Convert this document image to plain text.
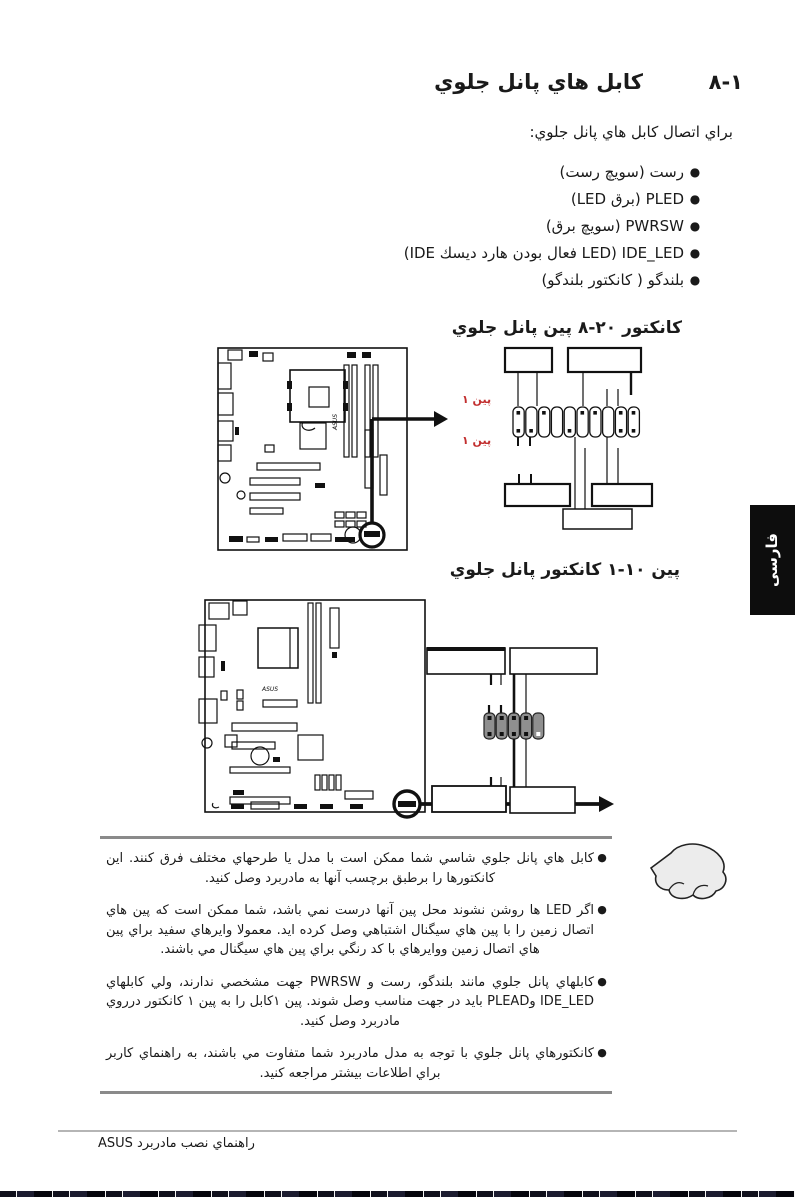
١-٨
كابل هاي پانل جلوي
براي اتصال كابل هاي پانل جلوي:
●
رست (سويچ رست)
●
PLED (برق LED)
●
PWRSW (سويچ برق)
●
IDE_LED (LED فعال بودن هارد ديسك IDE)
●
بلندگو ( كانكتور بلندگو)
كانكتور ٢٠-٨ پين پانل جلوي
ASUS
پين ١
پين ١
پين ١٠-١ كانكتور پانل جلوي
ASUS
●
كابل هاي پانل جلوي شاسي شما ممكن است با مدل يا طرحهاي مختلف فرق كنند. اين كانكتورها را برطبق برچسب آنها به مادربرد وصل كنيد.
●
اگر LED ها روشن نشوند محل پين آنها درست نمي باشد، شما ممكن است كه پين هاي اتصال زمين را با پين هاي سيگنال اشتباهي وصل كرده ايد. معمولا وايرهاي سفيد براي پين هاي اتصال زمين ووايرهاي با كد رنگي براي پين هاي سيگنال مي باشند.
●
كابلهاي پانل جلوي مانند بلندگو، رست و PWRSW جهت مشخصي ندارند، ولي كابلهاي IDE_LED وPLEAD بايد در جهت مناسب وصل شوند. پين ١كابل را به پين ١ كانكتور درروي مادربرد وصل كنيد.
●
كانكتورهاي پانل جلوي با توجه به مدل مادربرد شما متفاوت مي باشند، به راهنماي كاربر براي اطلاعات بيشتر مراجعه كنيد.
فارسى
راهنماي نصب مادربرد ASUS
